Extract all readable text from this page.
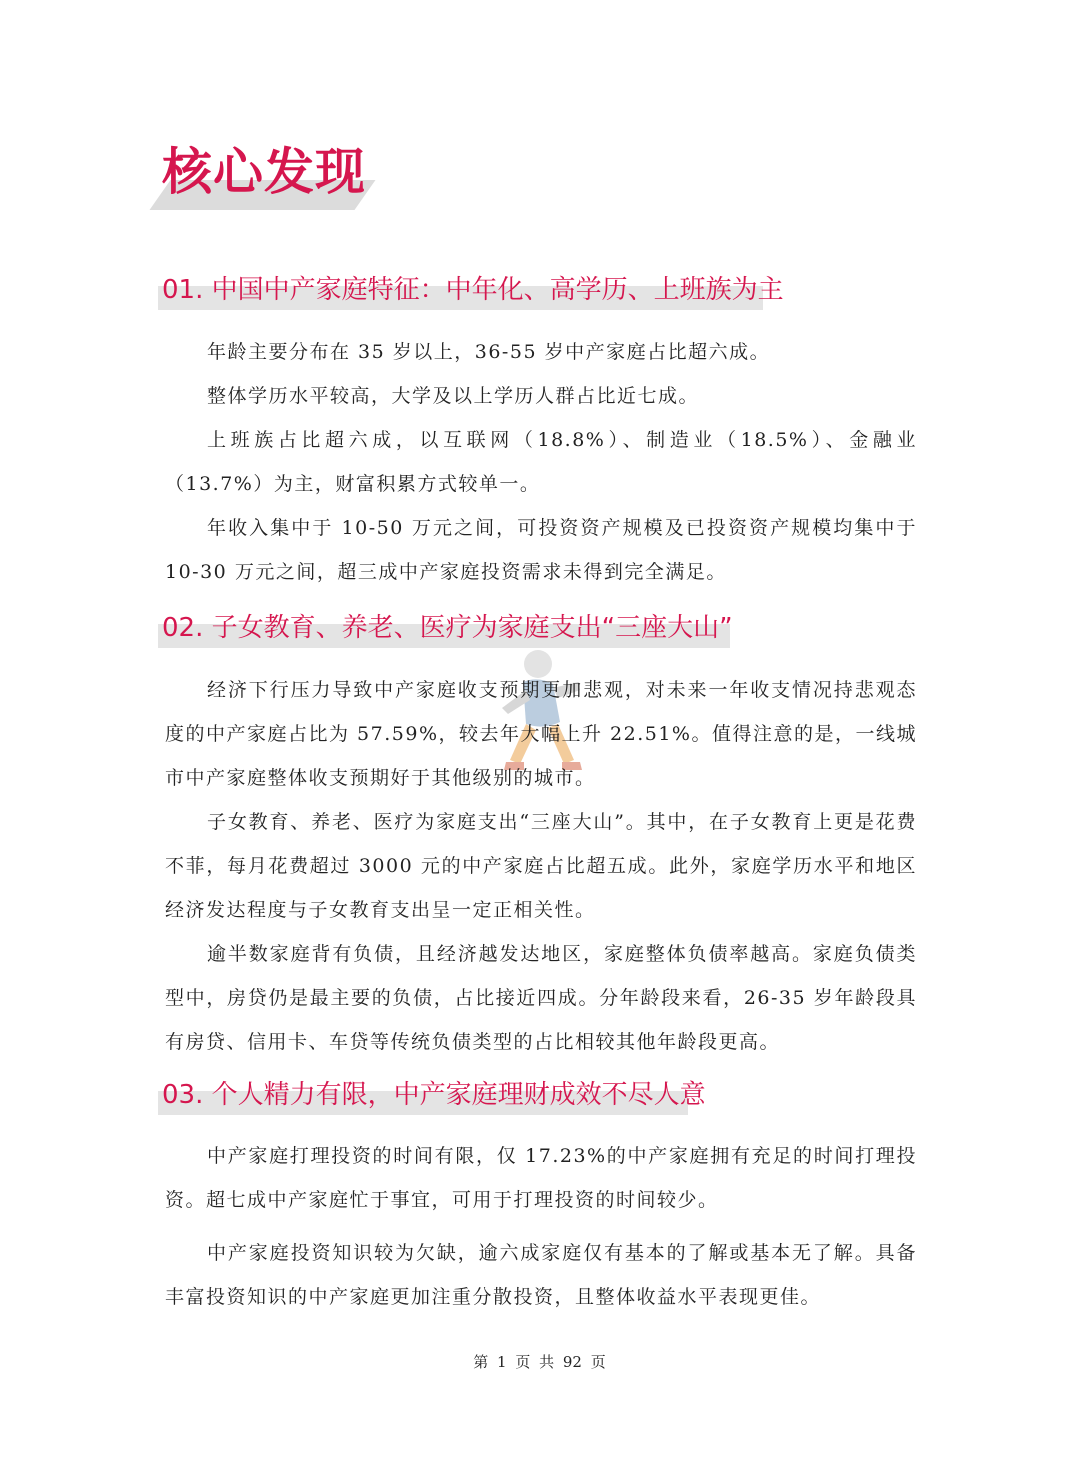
核心发现
01. 中国中产家庭特征：中年化、高学历、上班族为主
年龄主要分布在 35 岁以上，36-55 岁中产家庭占比超六成。
整体学历水平较高，大学及以上学历人群占比近七成。
上班族占比超六成，以互联网（18.8%）、制造业（18.5%）、金融业（13.7%）为主，财富积累方式较单一。
年收入集中于 10-50 万元之间，可投资资产规模及已投资资产规模均集中于 10-30 万元之间，超三成中产家庭投资需求未得到完全满足。
02. 子女教育、养老、医疗为家庭支出“三座大山”
经济下行压力导致中产家庭收支预期更加悲观，对未来一年收支情况持悲观态度的中产家庭占比为 57.59%，较去年大幅上升 22.51%。值得注意的是，一线城市中产家庭整体收支预期好于其他级别的城市。
子女教育、养老、医疗为家庭支出“三座大山”。其中，在子女教育上更是花费不菲，每月花费超过 3000 元的中产家庭占比超五成。此外，家庭学历水平和地区经济发达程度与子女教育支出呈一定正相关性。
逾半数家庭背有负债，且经济越发达地区，家庭整体负债率越高。家庭负债类型中，房贷仍是最主要的负债，占比接近四成。分年龄段来看，26-35 岁年龄段具有房贷、信用卡、车贷等传统负债类型的占比相较其他年龄段更高。
03. 个人精力有限，中产家庭理财成效不尽人意
中产家庭打理投资的时间有限，仅 17.23%的中产家庭拥有充足的时间打理投资。超七成中产家庭忙于事宜，可用于打理投资的时间较少。
中产家庭投资知识较为欠缺，逾六成家庭仅有基本的了解或基本无了解。具备丰富投资知识的中产家庭更加注重分散投资，且整体收益水平表现更佳。
第 1 页 共 92 页
